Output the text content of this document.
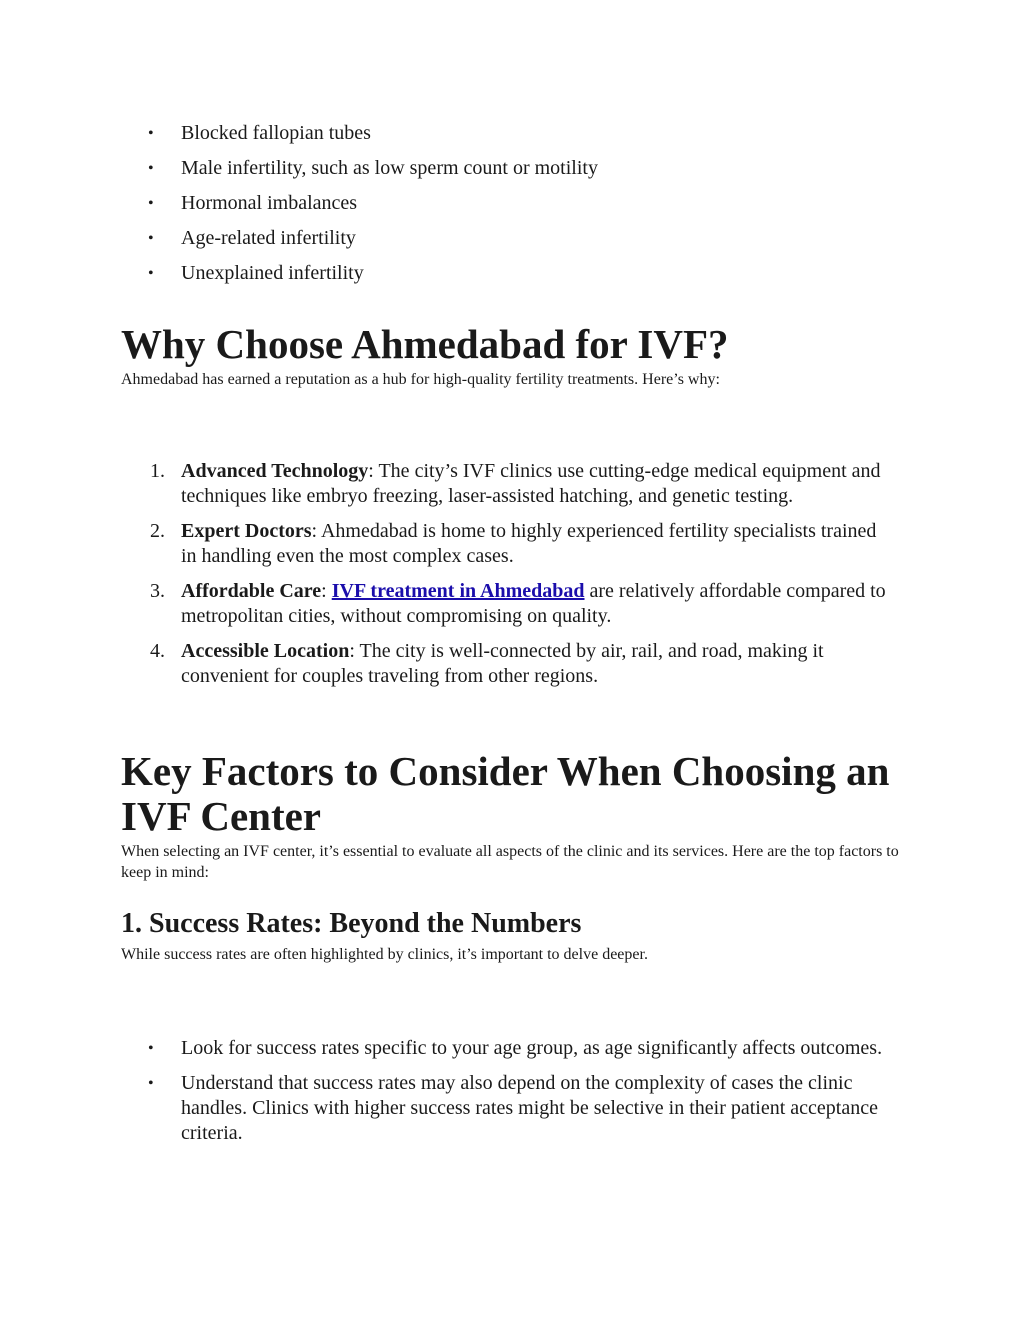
• Blocked fallopian tubes
• Male infertility, such as low sperm count or motility
• Hormonal imbalances
• Age-related infertility
• Unexplained infertility
Why Choose Ahmedabad for IVF?

Ahmedabad has earned a reputation as a hub for high-quality fertility treatments. Here’s why:

1. Advanced Technology: The city’s IVF clinics use cutting-edge medical equipment and techniques like embryo freezing, laser-assisted hatching, and genetic testing.
2. Expert Doctors: Ahmedabad is home to highly experienced fertility specialists trained in handling even the most complex cases.
3. Affordable Care: IVF treatment in Ahmedabad are relatively affordable compared to metropolitan cities, without compromising on quality.
4. Accessible Location: The city is well-connected by air, rail, and road, making it convenient for couples traveling from other regions.
Key Factors to Consider When Choosing an IVF Center

When selecting an IVF center, it’s essential to evaluate all aspects of the clinic and its services. Here are the top factors to keep in mind:

1. Success Rates: Beyond the Numbers

While success rates are often highlighted by clinics, it’s important to delve deeper.

• Look for success rates specific to your age group, as age significantly affects outcomes.
• Understand that success rates may also depend on the complexity of cases the clinic handles. Clinics with higher success rates might be selective in their patient acceptance criteria.
